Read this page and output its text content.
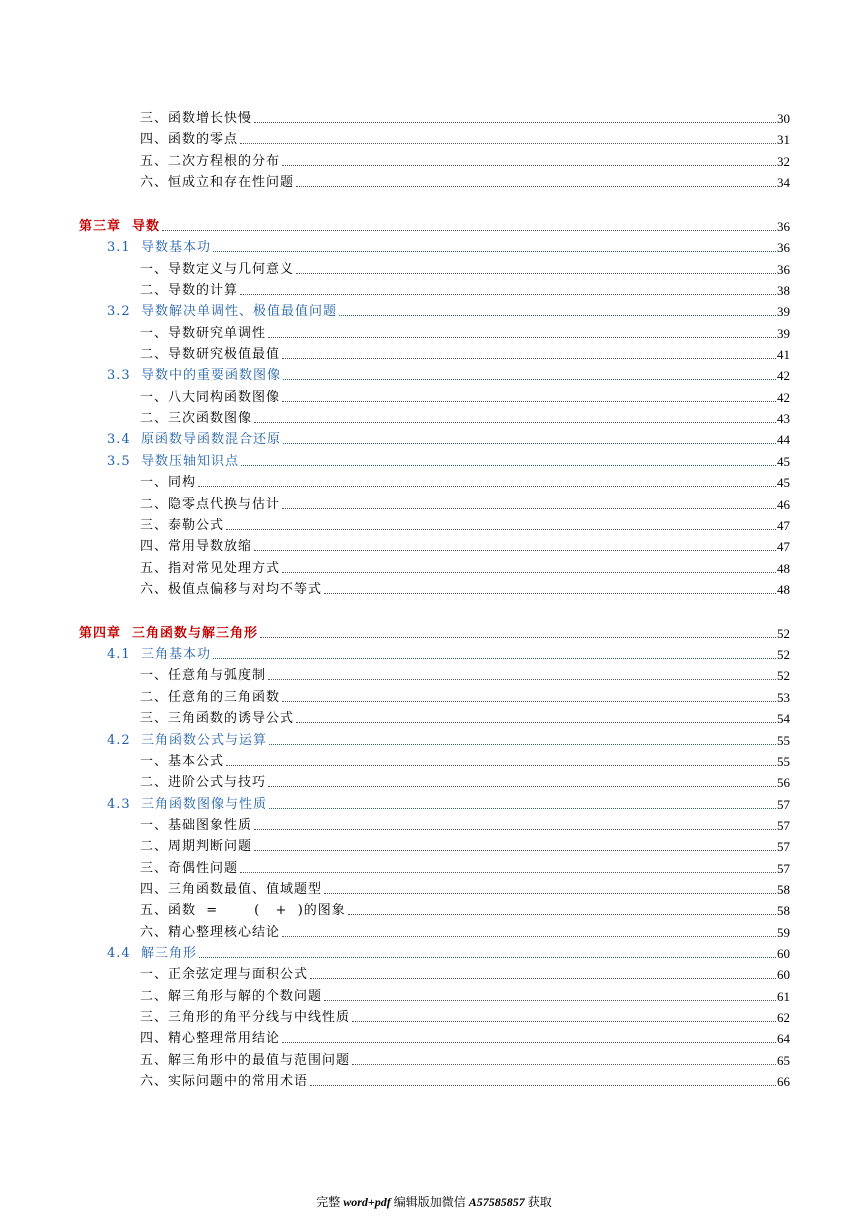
三、函数增长快慢	30
四、函数的零点	31
五、二次方程根的分布	32
六、恒成立和存在性问题	34
第三章  导数	36
3.1  导数基本功	36
一、导数定义与几何意义	36
二、导数的计算	38
3.2  导数解决单调性、极值最值问题	39
一、导数研究单调性	39
二、导数研究极值最值	41
3.3  导数中的重要函数图像	42
一、八大同构函数图像	42
二、三次函数图像	43
3.4  原函数导函数混合还原	44
3.5  导数压轴知识点	45
一、同构	45
二、隐零点代换与估计	46
三、泰勒公式	47
四、常用导数放缩	47
五、指对常见处理方式	48
六、极值点偏移与对均不等式	48
第四章  三角函数与解三角形	52
4.1  三角基本功	52
一、任意角与弧度制	52
二、任意角的三角函数	53
三、三角函数的诱导公式	54
4.2  三角函数公式与运算	55
一、基本公式	55
二、进阶公式与技巧	56
4.3  三角函数图像与性质	57
一、基础图象性质	57
二、周期判断问题	57
三、奇偶性问题	57
四、三角函数最值、值域题型	58
五、函数  =       (   +  )的图象	58
六、精心整理核心结论	59
4.4  解三角形	60
一、正余弦定理与面积公式	60
二、解三角形与解的个数问题	61
三、三角形的角平分线与中线性质	62
四、精心整理常用结论	64
五、解三角形中的最值与范围问题	65
六、实际问题中的常用术语	66
完整 word+pdf 编辑版加微信 A57585857 获取
